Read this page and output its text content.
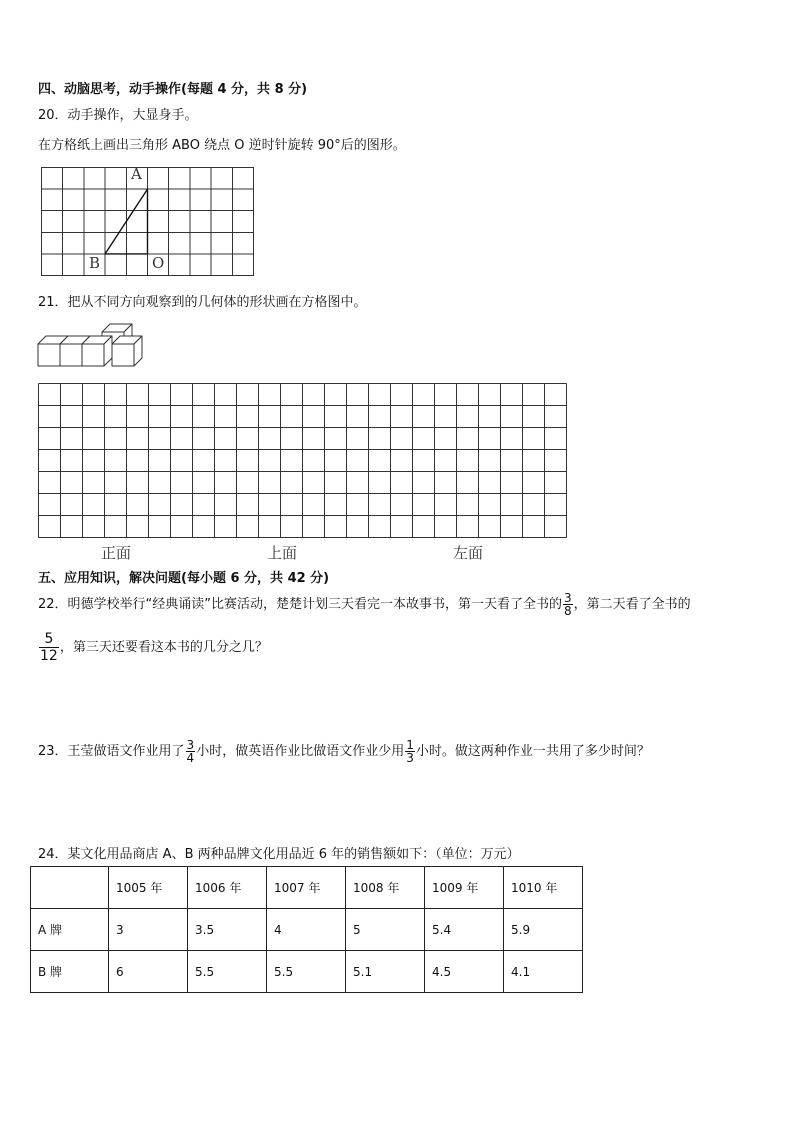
四、动脑思考，动手操作(每题 4 分，共 8 分)
20．动手操作，大显身手。
在方格纸上画出三角形 ABO 绕点 O 逆时针旋转 90°后的图形。
A
B	O
21．把从不同方向观察到的几何体的形状画在方格图中。
正面	上面	左面
五、应用知识，解决问题(每小题 6 分，共 42 分)
22．明德学校举行“经典诵读”比赛活动，楚楚计划三天看完一本故事书，第一天看了全书的 $\frac{3}{8}$ ，第二天看了全书的
$\frac{5}{12}$ ，第三天还要看这本书的几分之几？
23．王莹做语文作业用了 $\frac{3}{4}$ 小时，做英语作业比做语文作业少用 $\frac{1}{3}$ 小时。做这两种作业一共用了多少时间？
24．某文化用品商店 A、B 两种品牌文化用品近 6 年的销售额如下：（单位：万元）
	1005 年	1006 年	1007 年	1008 年	1009 年	1010 年
A 牌	3	3.5	4	5	5.4	5.9
B 牌	6	5.5	5.5	5.1	4.5	4.1
